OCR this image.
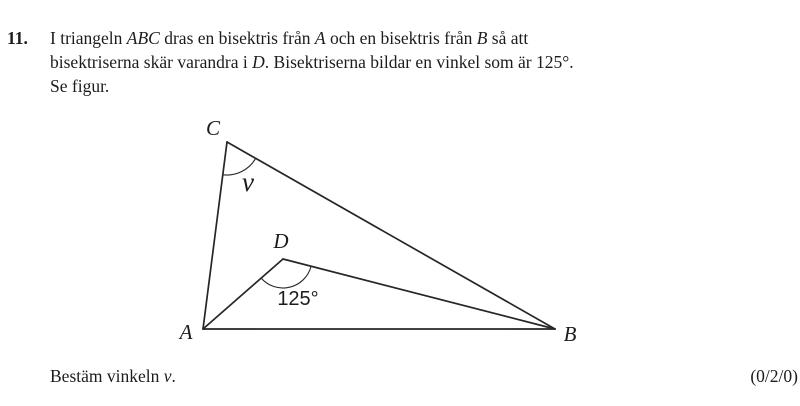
11. I triangeln ABC dras en bisektris från A och en bisektris från B så att
bisektriserna skär varandra i D. Bisektriserna bildar en vinkel som är 125°.
Se figur.
C
D
A	B
v
125°
Bestäm vinkeln v.	(0/2/0)
